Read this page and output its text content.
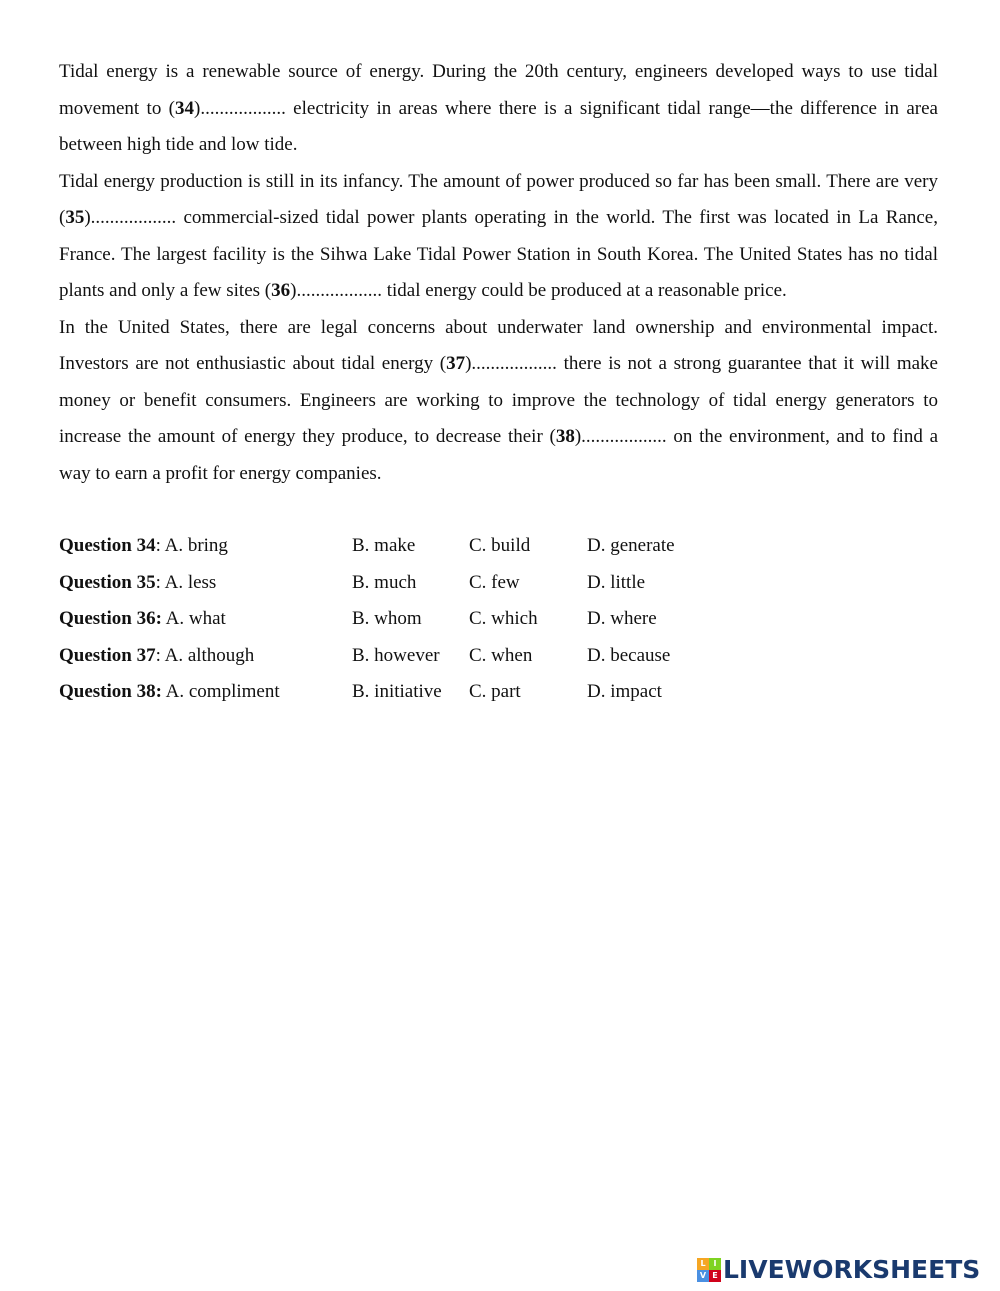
Tidal energy is a renewable source of energy. During the 20th century, engineers developed ways to use tidal movement to (34).................. electricity in areas where there is a significant tidal range—the difference in area between high tide and low tide.

Tidal energy production is still in its infancy. The amount of power produced so far has been small. There are very (35).................. commercial-sized tidal power plants operating in the world. The first was located in La Rance, France. The largest facility is the Sihwa Lake Tidal Power Station in South Korea. The United States has no tidal plants and only a few sites (36).................. tidal energy could be produced at a reasonable price.

In the United States, there are legal concerns about underwater land ownership and environmental impact. Investors are not enthusiastic about tidal energy (37).................. there is not a strong guarantee that it will make money or benefit consumers. Engineers are working to improve the technology of tidal energy generators to increase the amount of energy they produce, to decrease their (38).................. on the environment, and to find a way to earn a profit for energy companies.

Question 34: A. bring	B. make	C. build	D. generate
Question 35: A. less	B. much	C. few	D. little
Question 36: A. what	B. whom C. which	D. where
Question 37: A. although	B. however C. when	D. because
Question 38: A. compliment	B. initiative C. part	D. impact
L I
V E LIVEWORKSHEETS
